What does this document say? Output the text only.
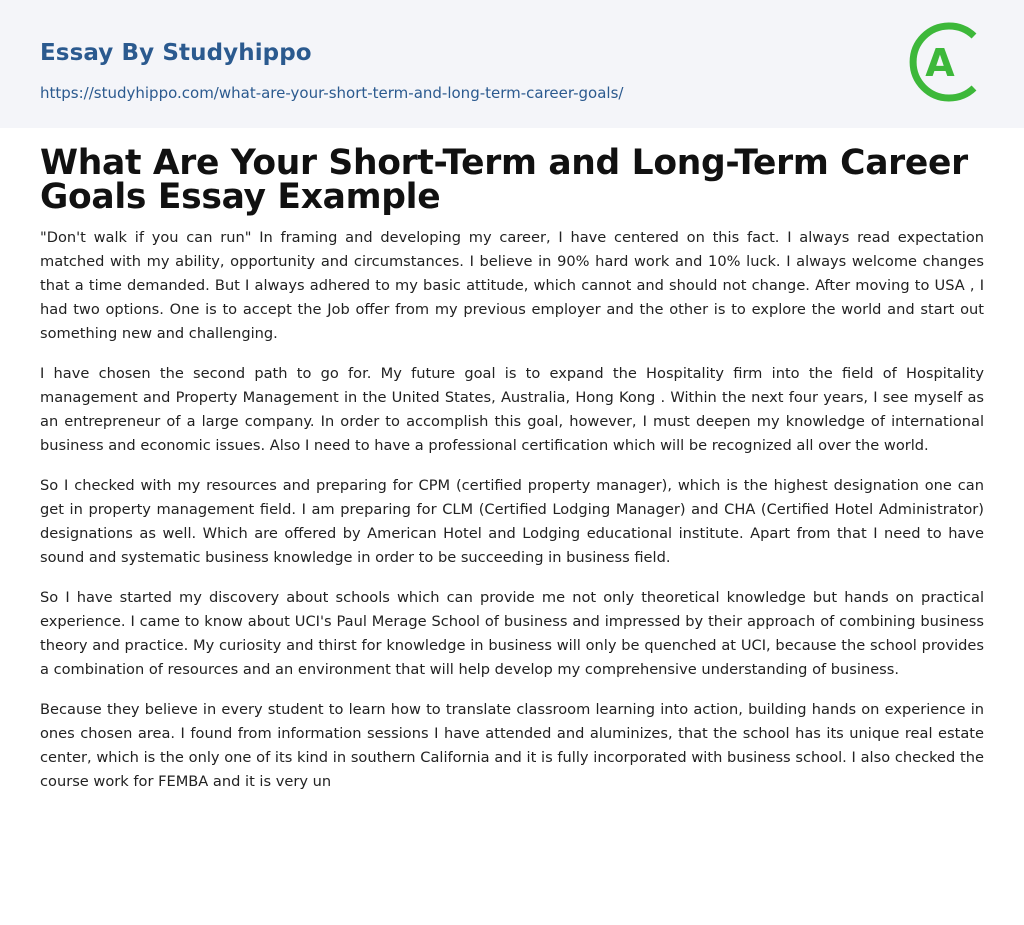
Essay By Studyhippo
https://studyhippo.com/what-are-your-short-term-and-long-term-career-goals/
A
What Are Your Short-Term and Long-Term Career Goals Essay Example

"Don't walk if you can run" In framing and developing my career, I have centered on this fact. I always read expectation matched with my ability, opportunity and circumstances. I believe in 90% hard work and 10% luck. I always welcome changes that a time demanded. But I always adhered to my basic attitude, which cannot and should not change. After moving to USA , I had two options. One is to accept the Job offer from my previous employer and the other is to explore the world and start out something new and challenging.

I have chosen the second path to go for. My future goal is to expand the Hospitality firm into the field of Hospitality management and Property Management in the United States, Australia, Hong Kong . Within the next four years, I see myself as an entrepreneur of a large company. In order to accomplish this goal, however, I must deepen my knowledge of international business and economic issues. Also I need to have a professional certification which will be recognized all over the world.

So I checked with my resources and preparing for CPM (certified property manager), which is the highest designation one can get in property management field. I am preparing for CLM (Certified Lodging Manager) and CHA (Certified Hotel Administrator) designations as well. Which are offered by American Hotel and Lodging educational institute. Apart from that I need to have sound and systematic business knowledge in order to be succeeding in business field.

So I have started my discovery about schools which can provide me not only theoretical knowledge but hands on practical experience. I came to know about UCI's Paul Merage School of business and impressed by their approach of combining business theory and practice. My curiosity and thirst for knowledge in business will only be quenched at UCI, because the school provides a combination of resources and an environment that will help develop my comprehensive understanding of business.

Because they believe in every student to learn how to translate classroom learning into action, building hands on experience in ones chosen area. I found from information sessions I have attended and aluminizes, that the school has its unique real estate center, which is the only one of its kind in southern California and it is fully incorporated with business school. I also checked the course work for FEMBA and it is very un
